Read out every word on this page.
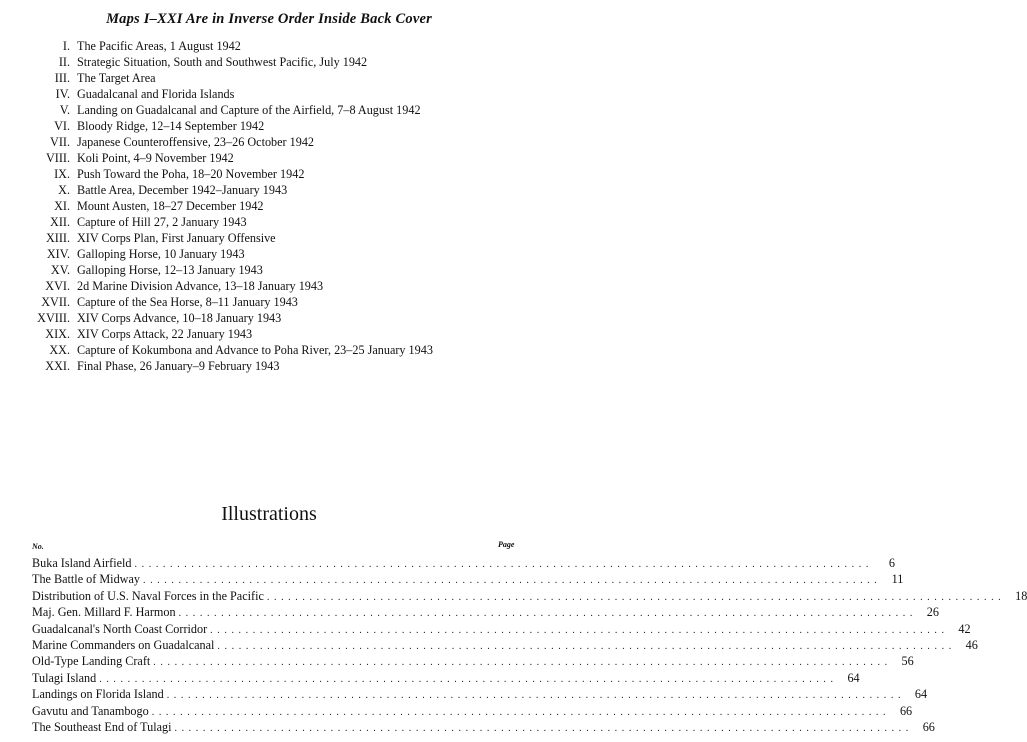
Maps I–XXI Are in Inverse Order Inside Back Cover
I. The Pacific Areas, 1 August 1942
II. Strategic Situation, South and Southwest Pacific, July 1942
III. The Target Area
IV. Guadalcanal and Florida Islands
V. Landing on Guadalcanal and Capture of the Airfield, 7–8 August 1942
VI. Bloody Ridge, 12–14 September 1942
VII. Japanese Counteroffensive, 23–26 October 1942
VIII. Koli Point, 4–9 November 1942
IX. Push Toward the Poha, 18–20 November 1942
X. Battle Area, December 1942–January 1943
XI. Mount Austen, 18–27 December 1942
XII. Capture of Hill 27, 2 January 1943
XIII. XIV Corps Plan, First January Offensive
XIV. Galloping Horse, 10 January 1943
XV. Galloping Horse, 12–13 January 1943
XVI. 2d Marine Division Advance, 13–18 January 1943
XVII. Capture of the Sea Horse, 8–11 January 1943
XVIII. XIV Corps Advance, 10–18 January 1943
XIX. XIV Corps Attack, 22 January 1943
XX. Capture of Kokumbona and Advance to Poha River, 23–25 January 1943
XXI. Final Phase, 26 January–9 February 1943
Illustrations
No.	Page
Buka Island Airfield ........................................................................................................	6
The Battle of Midway ........................................................................................................ 11
Distribution of U.S. Naval Forces in the Pacific ........................................................................................................ 18
Maj. Gen. Millard F. Harmon ........................................................................................................ 26
Guadalcanal's North Coast Corridor ........................................................................................................ 42
Marine Commanders on Guadalcanal ........................................................................................................ 46
Old-Type Landing Craft ........................................................................................................ 56
Tulagi Island ........................................................................................................ 64
Landings on Florida Island ........................................................................................................ 64
Gavutu and Tanambogo ........................................................................................................ 66
The Southeast End of Tulagi ........................................................................................................ 66
